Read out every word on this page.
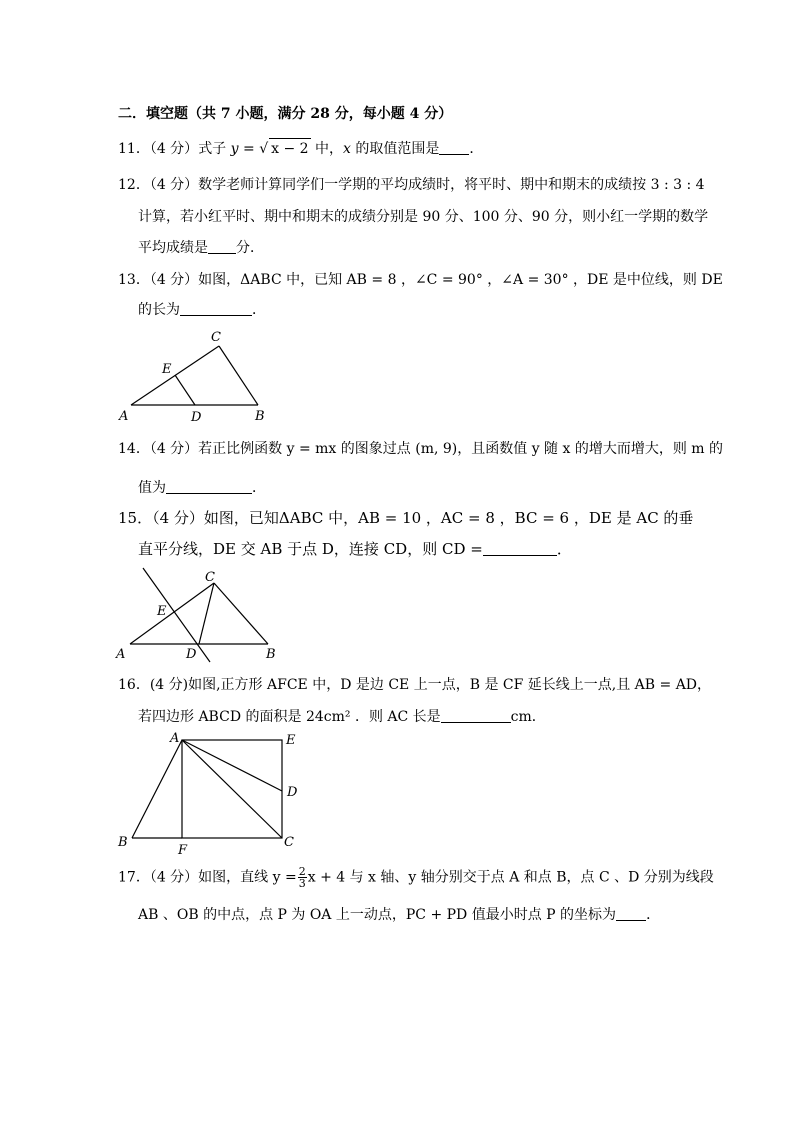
二．填空题（共 7 小题，满分 28 分，每小题 4 分）
11．（4 分）式子 y = √ x − 2 中，x 的取值范围是 ．
12．（4 分）数学老师计算同学们一学期的平均成绩时，将平时、期中和期末的成绩按 3 : 3 : 4
计算，若小红平时、期中和期末的成绩分别是 90 分、100 分、90 分，则小红一学期的数学
平均成绩是 分．
13．（4 分）如图，ΔABC 中，已知 AB = 8 ，∠C = 90° ，∠A = 30° ，DE 是中位线，则 DE
的长为	．
A	B
C
D
E
14．（4 分）若正比例函数 y = mx 的图象过点 (m, 9)，且函数值 y 随 x 的增大而增大，则 m 的
值为	．
15．（4 分）如图，已知ΔABC 中，AB = 10 ，AC = 8 ，BC = 6 ，DE 是 AC 的垂
直平分线，DE 交 AB 于点 D，连接 CD，则 CD =	．
A	B
C
D
E
16．(4 分)如图,正方形 AFCE 中，D 是边 CE 上一点，B 是 CF 延长线上一点,且 AB = AD，
若四边形 ABCD 的面积是 24cm² ．则 AC 长是	cm．
A
B	C
D
E
F
17．（4 分）如图，直线 $y = \frac{2}{3}$ x + 4 与 x 轴、y 轴分别交于点 A 和点 B，点 C 、D 分别为线段
AB 、OB 的中点，点 P 为 OA 上一动点，PC + PD 值最小时点 P 的坐标为 ．
